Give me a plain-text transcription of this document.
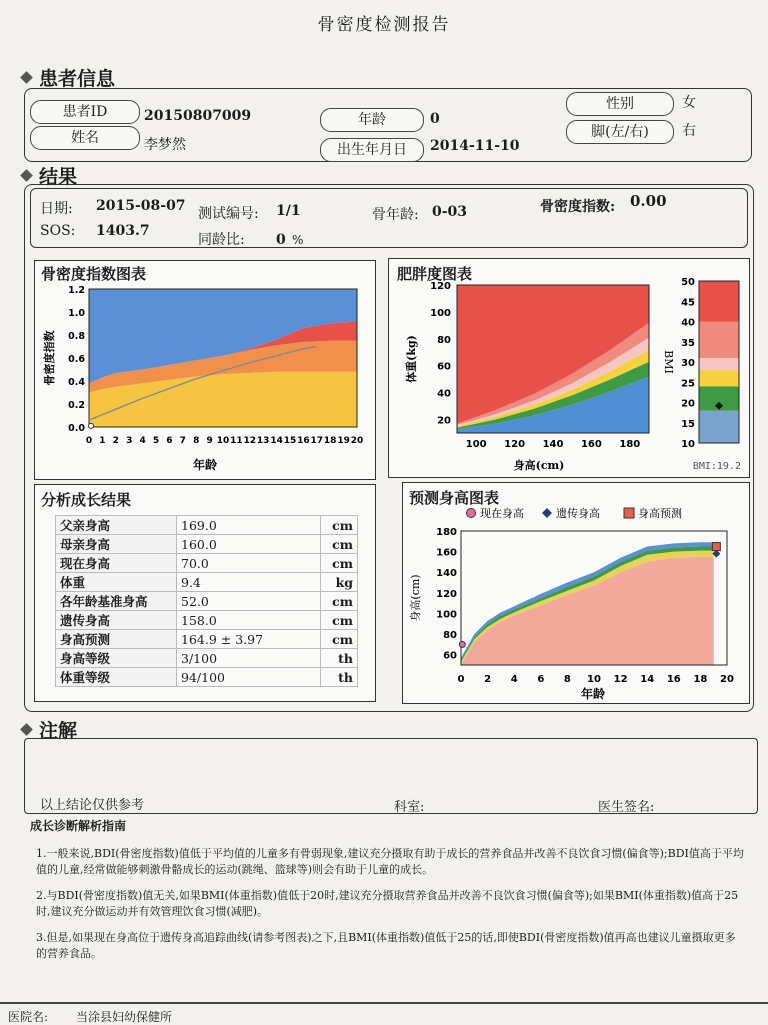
骨密度检测报告
患者信息
患者ID	20150807009
姓名	李梦然
年龄	0
出生年月日	2014-11-10
性别	女
脚(左/右)	右
结果
日期: 2015-08-07 测试编号: 1/1	骨年龄: 0-03	骨密度指数: 0.00
SOS: 1403.7
同龄比: 0 %
骨密度指数图表
0 1 2 3 4 5 6 7 8 9 10 11 12 13 14 15 16 17 18 19 20
0.0
0.2
0.4
0.6
0.8
1.0
1.2
年龄
骨密度指数
肥胖度图表
100 120 140 160 180
20
40
60
80
100
120
身高(cm)
体重(kg)
10
15
20
25
30
35
40
45
50
BMI
BMI:19.2
分析成长结果
父亲身高	169.0	cm
母亲身高	160.0	cm
现在身高	70.0	cm
体重	9.4	kg
各年龄基准身高	52.0	cm
遗传身高	158.0	cm
身高预测	164.9 ± 3.97	cm
身高等级	3/100	th
体重等级	94/100	th
预测身高图表
现在身高	遗传身高	身高预测
0 2 4 6 8 10 12 14 16 18 20
60
80
100
120
140
160
180
年龄
身高(cm)
注解
以上结论仅供参考	科室:	医生签名:
成长诊断解析指南

1.一般来说,BDI(骨密度指数)值低于平均值的儿童多有骨弱现象,建议充分摄取有助于成长的营养食品并改善不良饮食习惯(偏食等);BDI值高于平均值的儿童,经常做能够刺激骨骼成长的运动(跳绳、篮球等)则会有助于儿童的成长。

2.与BDI(骨密度指数)值无关,如果BMI(体重指数)值低于20时,建议充分摄取营养食品并改善不良饮食习惯(偏食等);如果BMI(体重指数)值高于25时,建议充分做运动并有效管理饮食习惯(减肥)。

3.但是,如果现在身高位于遗传身高追踪曲线(请参考图表)之下,且BMI(体重指数)值低于25的话,即使BDI(骨密度指数)值再高也建议儿童摄取更多的营养食品。

医院名: 当涂县妇幼保健所
